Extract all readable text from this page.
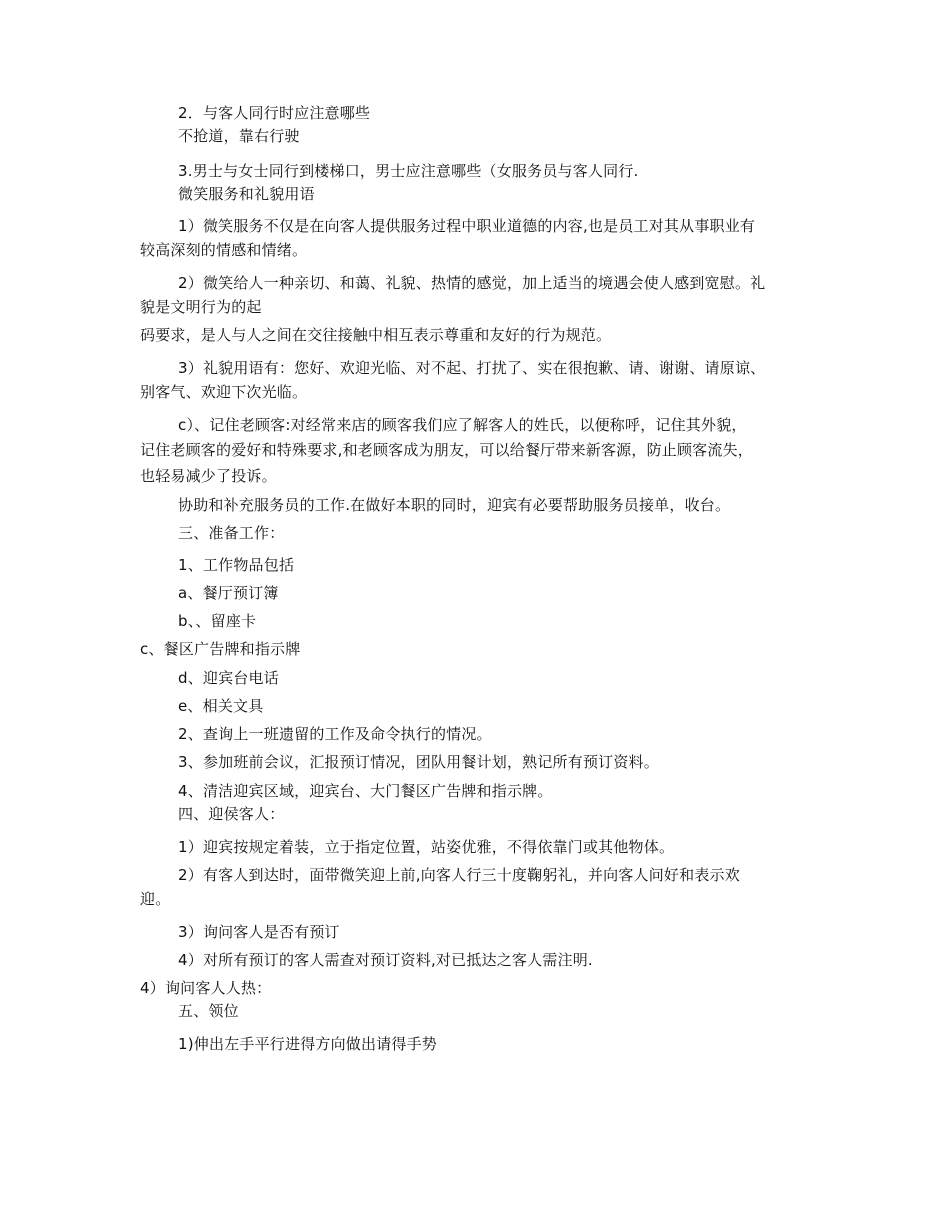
2．与客人同行时应注意哪些
不抢道，靠右行驶
3.男士与女士同行到楼梯口，男士应注意哪些（女服务员与客人同行.
微笑服务和礼貌用语
1）微笑服务不仅是在向客人提供服务过程中职业道德的内容,也是员工对其从事职业有
较高深刻的情感和情绪。
2）微笑给人一种亲切、和蔼、礼貌、热情的感觉，加上适当的境遇会使人感到宽慰。礼
貌是文明行为的起
码要求，是人与人之间在交往接触中相互表示尊重和友好的行为规范。
3）礼貌用语有：您好、欢迎光临、对不起、打扰了、实在很抱歉、请、谢谢、请原谅、
别客气、欢迎下次光临。
c）、记住老顾客:对经常来店的顾客我们应了解客人的姓氏，以便称呼，记住其外貌，
记住老顾客的爱好和特殊要求,和老顾客成为朋友，可以给餐厅带来新客源，防止顾客流失，
也轻易减少了投诉。
协助和补充服务员的工作.在做好本职的同时，迎宾有必要帮助服务员接单，收台。
三、准备工作：
1、工作物品包括
a、餐厅预订簿
b、、留座卡
c、餐区广告牌和指示牌
d、迎宾台电话
e、相关文具
2、查询上一班遗留的工作及命令执行的情况。
3、参加班前会议，汇报预订情况，团队用餐计划，熟记所有预订资料。
4、清洁迎宾区域，迎宾台、大门餐区广告牌和指示牌。
四、迎侯客人：
1）迎宾按规定着装，立于指定位置，站姿优雅，不得依靠门或其他物体。
2）有客人到达时，面带微笑迎上前,向客人行三十度鞠躬礼，并向客人问好和表示欢
迎。
3）询问客人是否有预订
4）对所有预订的客人需查对预订资料,对已抵达之客人需注明.
4）询问客人人热：
五、领位
1)伸出左手平行进得方向做出请得手势
